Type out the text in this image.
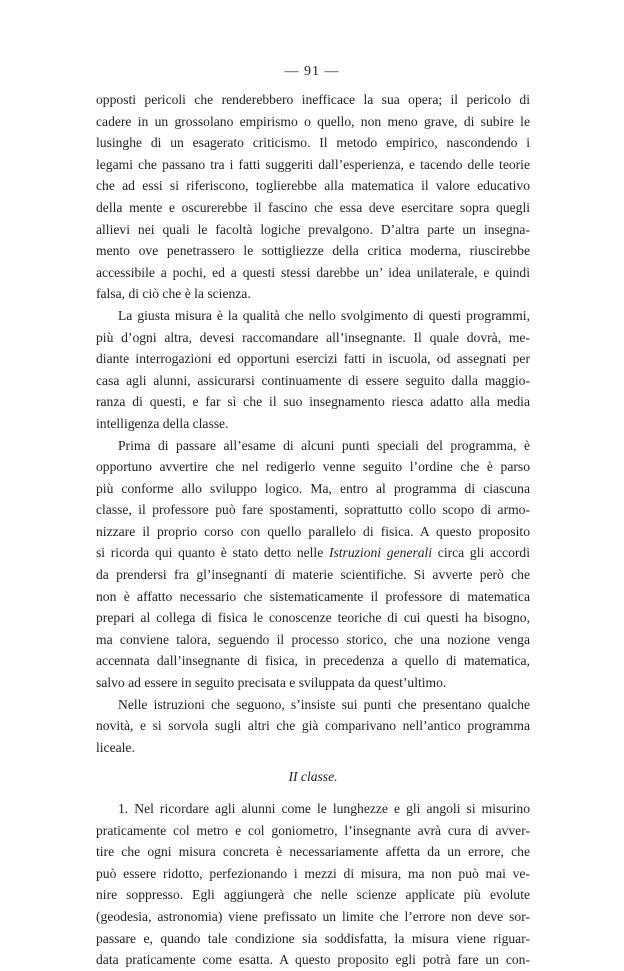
— 91 —
opposti pericoli che renderebbero inefficace la sua opera; il pericolo di
cadere in un grossolano empirismo o quello, non meno grave, di subire le
lusinghe di un esagerato criticismo. Il metodo empirico, nascondendo i
legami che passano tra i fatti suggeriti dall’esperienza, e tacendo delle teorie
che ad essi si riferiscono, toglierebbe alla matematica il valore educativo
della mente e oscurerebbe il fascino che essa deve esercitare sopra quegli
allievi nei quali le facoltà logiche prevalgono. D’altra parte un insegna-
mento ove penetrassero le sottigliezze della critica moderna, riuscirebbe
accessibile a pochi, ed a questi stessi darebbe un’ idea unilaterale, e quindi
falsa, di ciò che è la scienza.
La giusta misura è la qualità che nello svolgimento di questi programmi,
più d’ogni altra, devesi raccomandare all’insegnante. Il quale dovrà, me-
diante interrogazioni ed opportuni esercizi fatti in iscuola, od assegnati per
casa agli alunni, assicurarsi continuamente di essere seguito dalla maggio-
ranza di questi, e far sì che il suo insegnamento riesca adatto alla media
intelligenza della classe.
Prima di passare all’esame di alcuni punti speciali del programma, è
opportuno avvertire che nel redigerlo venne seguito l’ordine che è parso
più conforme allo sviluppo logico. Ma, entro al programma di ciascuna
classe, il professore può fare spostamenti, soprattutto collo scopo di armo-
nizzare il proprio corso con quello parallelo di fisica. A questo proposito
si ricorda qui quanto è stato detto nelle Istruzioni generali circa gli accordi
da prendersi fra gl’insegnanti di materie scientifiche. Si avverte però che
non è affatto necessario che sistematicamente il professore di matematica
prepari al collega di fisica le conoscenze teoriche di cui questi ha bisogno,
ma conviene talora, seguendo il processo storico, che una nozione venga
accennata dall’insegnante di fisica, in precedenza a quello di matematica,
salvo ad essere in seguito precisata e sviluppata da quest’ultimo.
Nelle istruzioni che seguono, s’insiste sui punti che presentano qualche
novità, e si sorvola sugli altri che già comparivano nell’antico programma
liceale.
II classe.
1. Nel ricordare agli alunni come le lunghezze e gli angoli si misurino
praticamente col metro e col goniometro, l’insegnante avrà cura di avver-
tire che ogni misura concreta è necessariamente affetta da un errore, che
può essere ridotto, perfezionando i mezzi di misura, ma non può mai ve-
nire soppresso. Egli aggiungerà che nelle scienze applicate più evolute
(geodesia, astronomia) viene prefissato un limite che l’errore non deve sor-
passare e, quando tale condizione sia soddisfatta, la misura viene riguar-
data praticamente come esatta. A questo proposito egli potrà fare un con-
